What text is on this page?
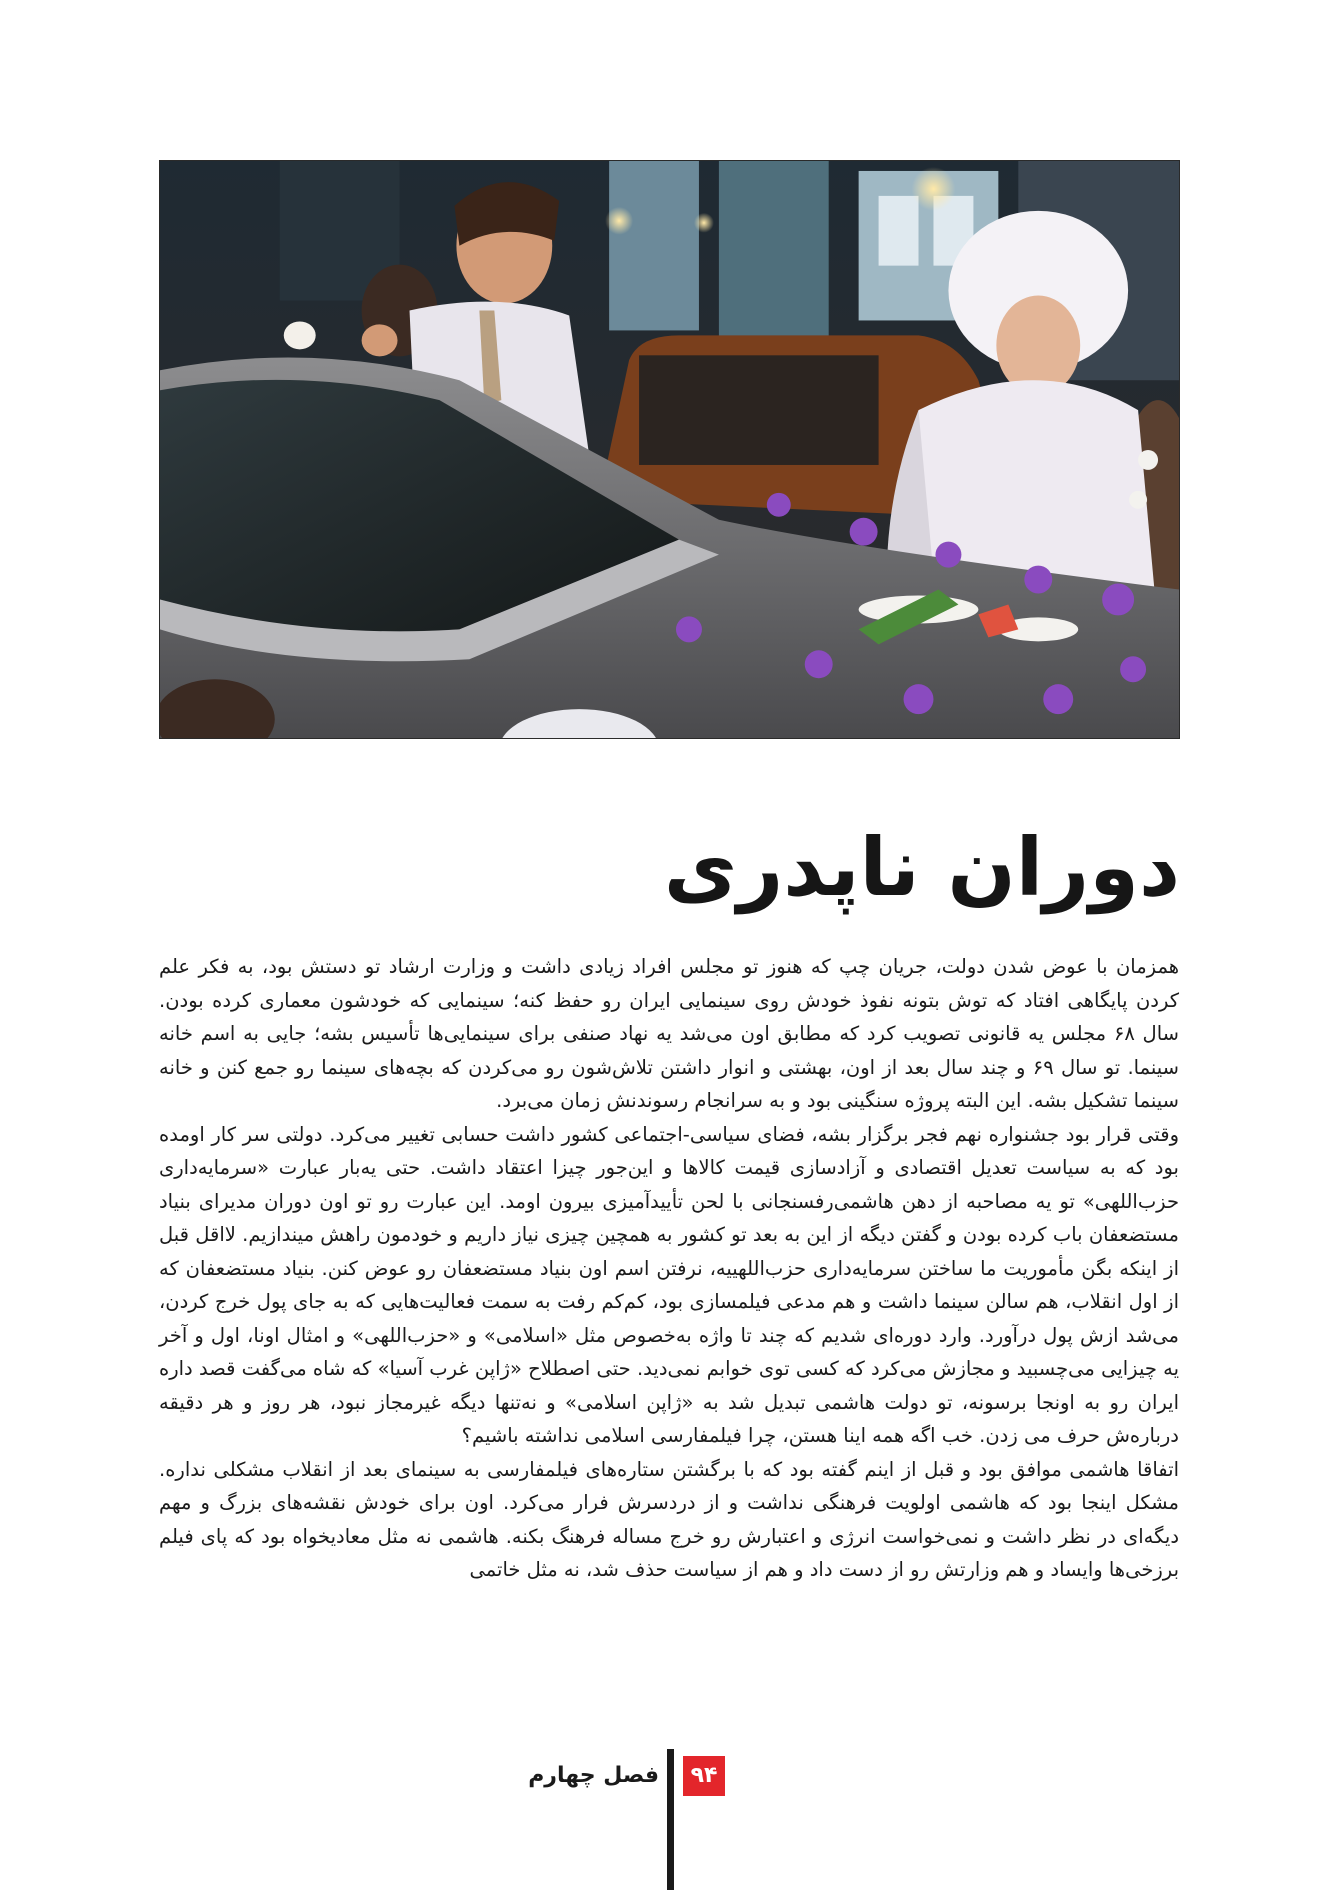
دوران ناپدری

همزمان با عوض شدن دولت، جریان چپ که هنوز تو مجلس افراد زیادی داشت و وزارت ارشاد تو دستش بود، به فکر علم کردن پایگاهی افتاد که توش بتونه نفوذ خودش روی سینمایی ایران رو حفظ کنه؛ سینمایی که خودشون معماری کرده بودن. سال ۶۸ مجلس یه قانونی تصویب کرد که مطابق اون می‌شد یه نهاد صنفی برای سینمایی‌ها تأسیس بشه؛ جایی به اسم خانه سینما. تو سال ۶۹ و چند سال بعد از اون، بهشتی و انوار داشتن تلاش‌شون رو می‌کردن که بچه‌های سینما رو جمع کنن و خانه سینما تشکیل بشه. این البته پروژه سنگینی بود و به سرانجام رسوندنش زمان می‌برد.

وقتی قرار بود جشنواره نهم فجر برگزار بشه، فضای سیاسی-اجتماعی کشور داشت حسابی تغییر می‌کرد. دولتی سر کار اومده بود که به سیاست تعدیل اقتصادی و آزادسازی قیمت کالاها و این‌جور چیزا اعتقاد داشت. حتی یه‌بار عبارت «سرمایه‌داری حزب‌اللهی» تو یه مصاحبه از دهن هاشمی‌رفسنجانی با لحن تأییدآمیزی بیرون اومد. این عبارت رو تو اون دوران مدیرای بنیاد مستضعفان باب کرده بودن و گفتن دیگه از این به بعد تو کشور به همچین چیزی نیاز داریم و خودمون راهش میندازیم. لااقل قبل از اینکه بگن مأموریت ما ساختن سرمایه‌داری حزب‌اللهییه، نرفتن اسم اون بنیاد مستضعفان رو عوض کنن. بنیاد مستضعفان که از اول انقلاب، هم سالن سینما داشت و هم مدعی فیلمسازی بود، کم‌کم رفت به سمت فعالیت‌هایی که به جای پول خرج کردن، می‌شد ازش پول درآورد. وارد دوره‌ای شدیم که چند تا واژه به‌خصوص مثل «اسلامی» و «حزب‌اللهی» و امثال اونا، اول و آخر یه چیزایی می‌چسبید و مجازش می‌کرد که کسی توی خوابم نمی‌دید. حتی اصطلاح «ژاپن غرب آسیا» که شاه می‌گفت قصد داره ایران رو به اونجا برسونه، تو دولت هاشمی تبدیل شد به «ژاپن اسلامی» و نه‌تنها دیگه غیرمجاز نبود، هر روز و هر دقیقه درباره‌ش حرف می زدن. خب اگه همه اینا هستن، چرا فیلمفارسی اسلامی نداشته باشیم؟

اتفاقا هاشمی موافق بود و قبل از اینم گفته بود که با برگشتن ستاره‌های فیلمفارسی به سینمای بعد از انقلاب مشکلی نداره. مشکل اینجا بود که هاشمی اولویت فرهنگی نداشت و از دردسرش فرار می‌کرد. اون برای خودش نقشه‌های بزرگ و مهم دیگه‌ای در نظر داشت و نمی‌خواست انرژی و اعتبارش رو خرج مساله فرهنگ بکنه. هاشمی نه مثل معادیخواه بود که پای فیلم برزخی‌ها وایساد و هم وزارتش رو از دست داد و هم از سیاست حذف شد، نه مثل خاتمی

۹۴
فصل چهارم
